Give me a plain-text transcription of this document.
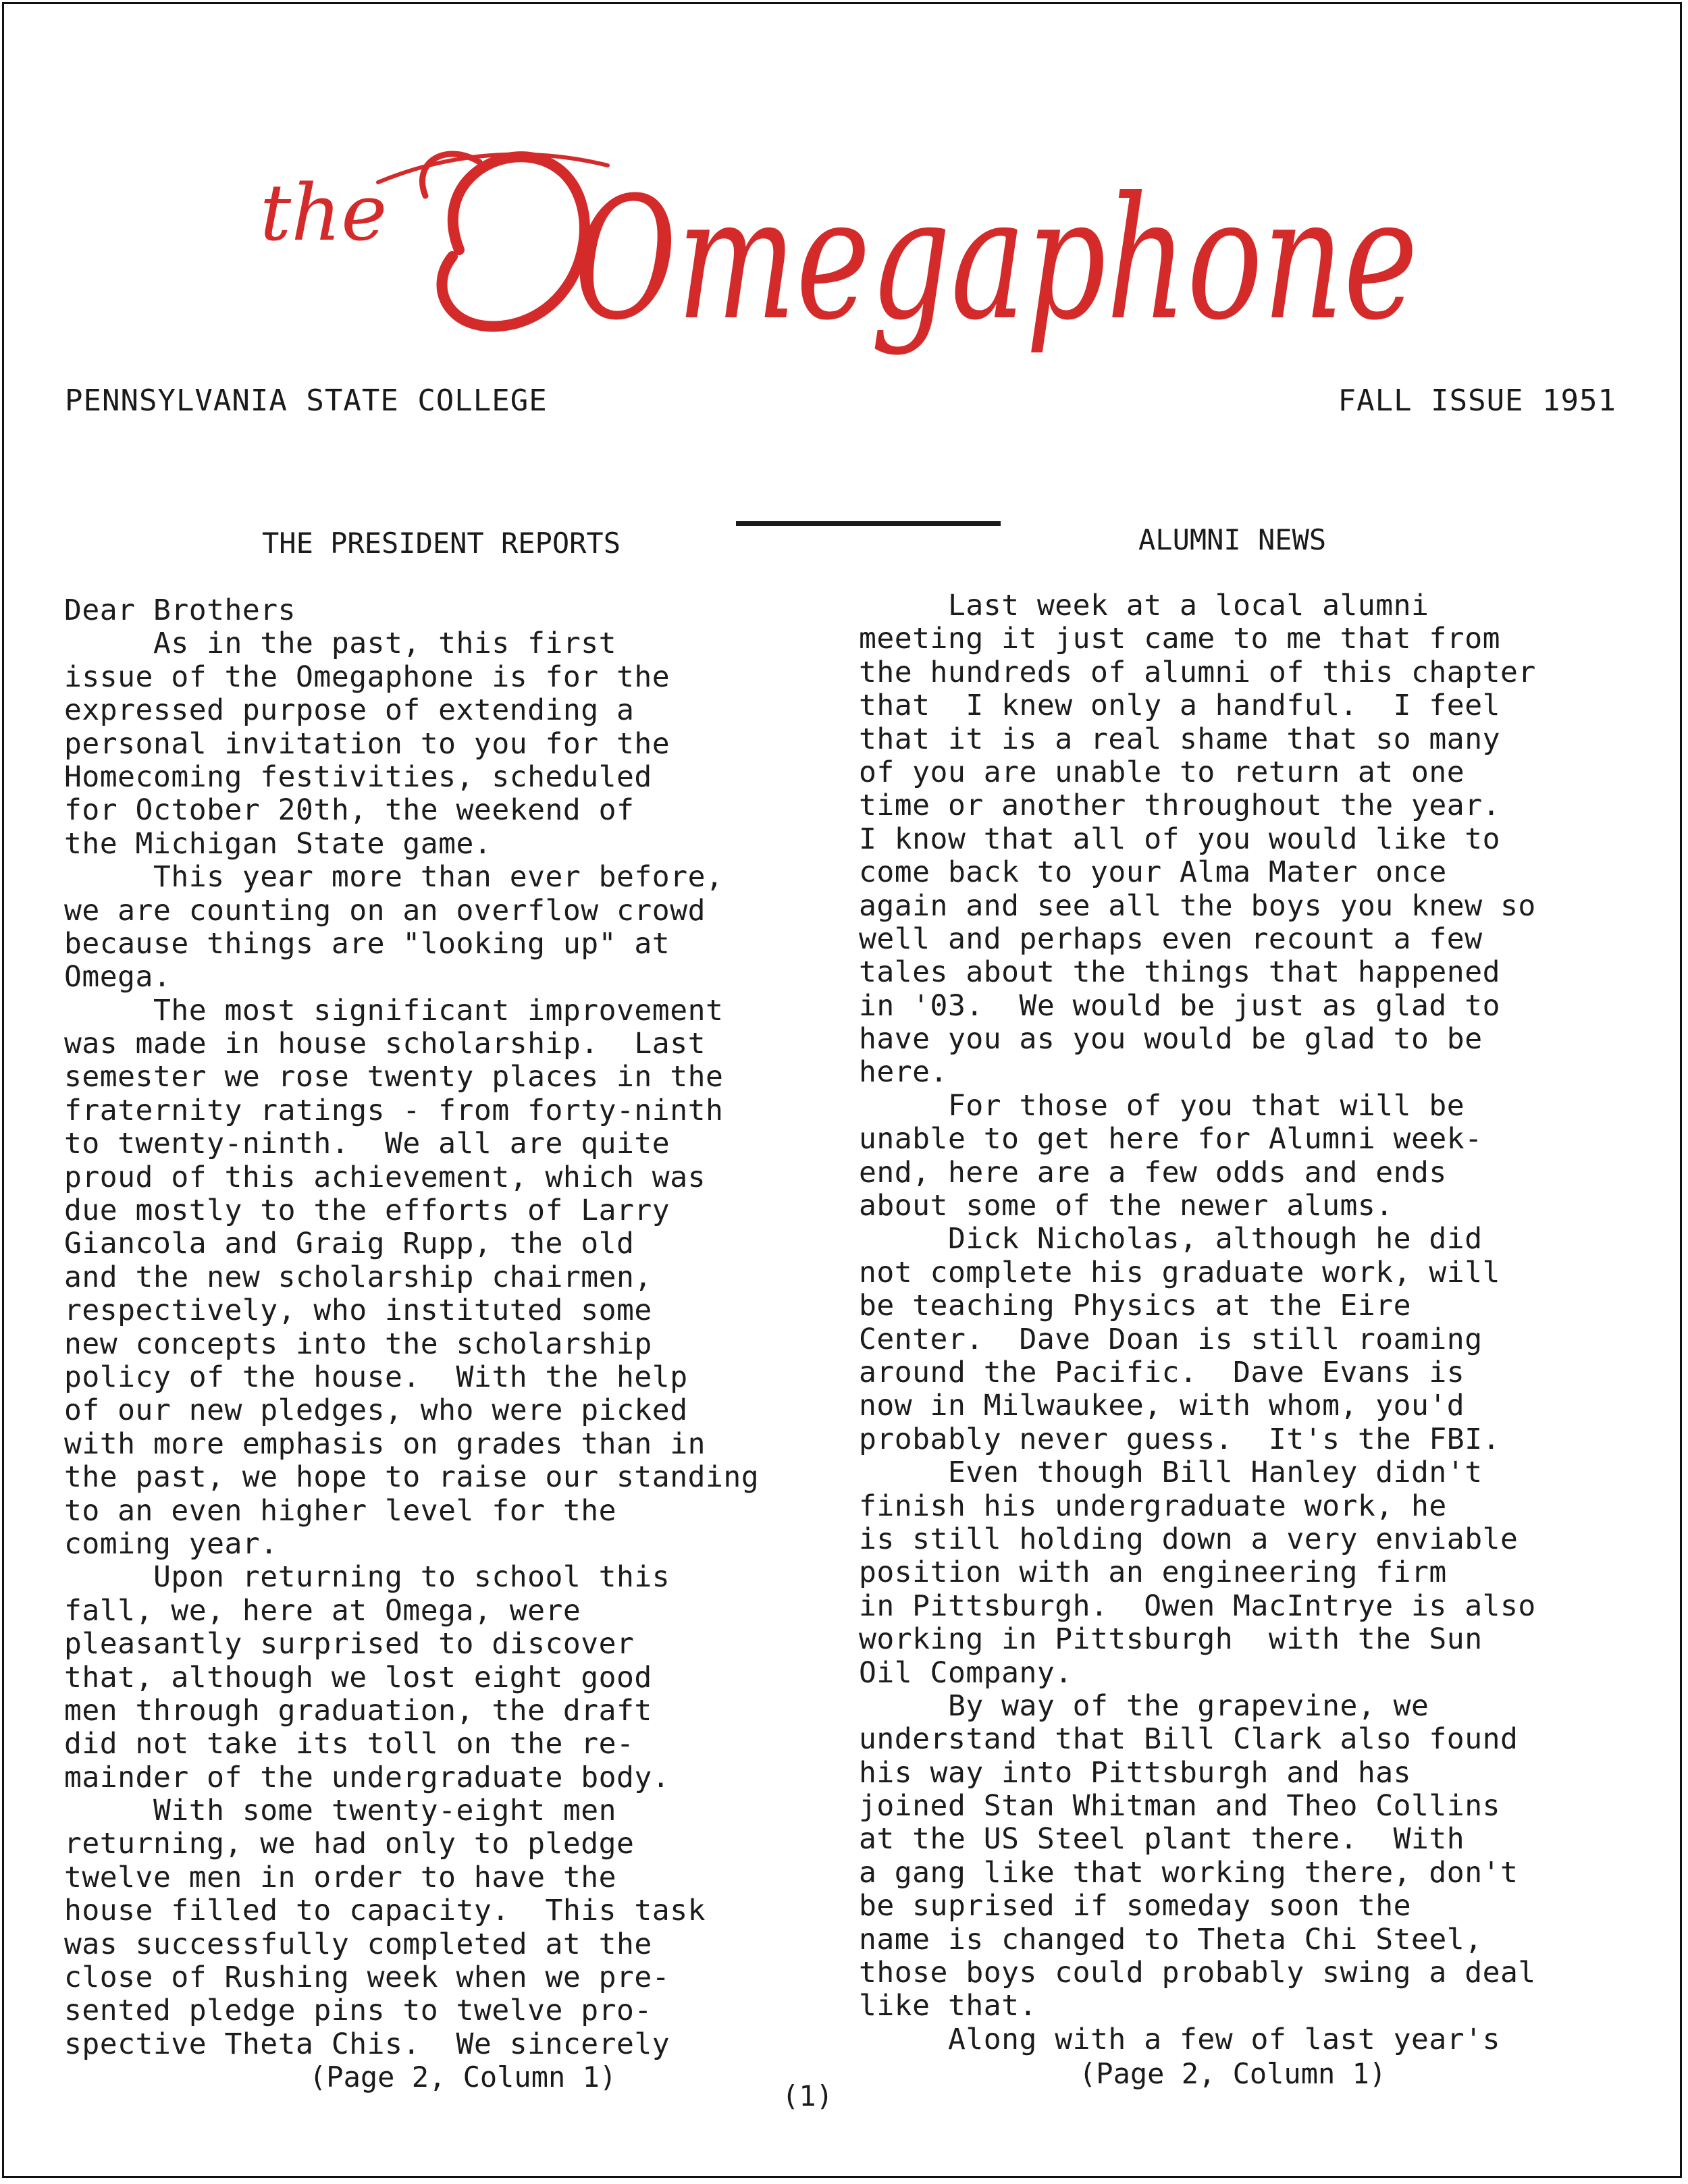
the Omegaphone
PENNSYLVANIA STATE COLLEGE	FALL ISSUE 1951
THE PRESIDENT REPORTS	ALUMNI NEWS
Dear Brothers
As in the past, this first
issue of the Omegaphone is for the
expressed purpose of extending a
personal invitation to you for the
Homecoming festivities, scheduled
for October 20th, the weekend of
the Michigan State game.
This year more than ever before,
we are counting on an overflow crowd
because things are "looking up" at
Omega.
The most significant improvement
was made in house scholarship.  Last
semester we rose twenty places in the
fraternity ratings - from forty-ninth
to twenty-ninth.  We all are quite
proud of this achievement, which was
due mostly to the efforts of Larry
Giancola and Graig Rupp, the old
and the new scholarship chairmen,
respectively, who instituted some
new concepts into the scholarship
policy of the house.  With the help
of our new pledges, who were picked
with more emphasis on grades than in
the past, we hope to raise our standing
to an even higher level for the
coming year.
Upon returning to school this
fall, we, here at Omega, were
pleasantly surprised to discover
that, although we lost eight good
men through graduation, the draft
did not take its toll on the re-
mainder of the undergraduate body.
With some twenty-eight men
returning, we had only to pledge
twelve men in order to have the
house filled to capacity.  This task
was successfully completed at the
close of Rushing week when we pre-
sented pledge pins to twelve pro-
spective Theta Chis.  We sincerely
Last week at a local alumni
meeting it just came to me that from
the hundreds of alumni of this chapter
that  I knew only a handful.  I feel
that it is a real shame that so many
of you are unable to return at one
time or another throughout the year.
I know that all of you would like to
come back to your Alma Mater once
again and see all the boys you knew so
well and perhaps even recount a few
tales about the things that happened
in '03.  We would be just as glad to
have you as you would be glad to be
here.
For those of you that will be
unable to get here for Alumni week-
end, here are a few odds and ends
about some of the newer alums.
Dick Nicholas, although he did
not complete his graduate work, will
be teaching Physics at the Eire
Center.  Dave Doan is still roaming
around the Pacific.  Dave Evans is
now in Milwaukee, with whom, you'd
probably never guess.  It's the FBI.
Even though Bill Hanley didn't
finish his undergraduate work, he
is still holding down a very enviable
position with an engineering firm
in Pittsburgh.  Owen MacIntrye is also
working in Pittsburgh  with the Sun
Oil Company.
By way of the grapevine, we
understand that Bill Clark also found
his way into Pittsburgh and has
joined Stan Whitman and Theo Collins
at the US Steel plant there.  With
a gang like that working there, don't
be suprised if someday soon the
name is changed to Theta Chi Steel,
those boys could probably swing a deal
like that.
Along with a few of last year's
(Page 2, Column 1)	(Page 2, Column 1)
(1)
